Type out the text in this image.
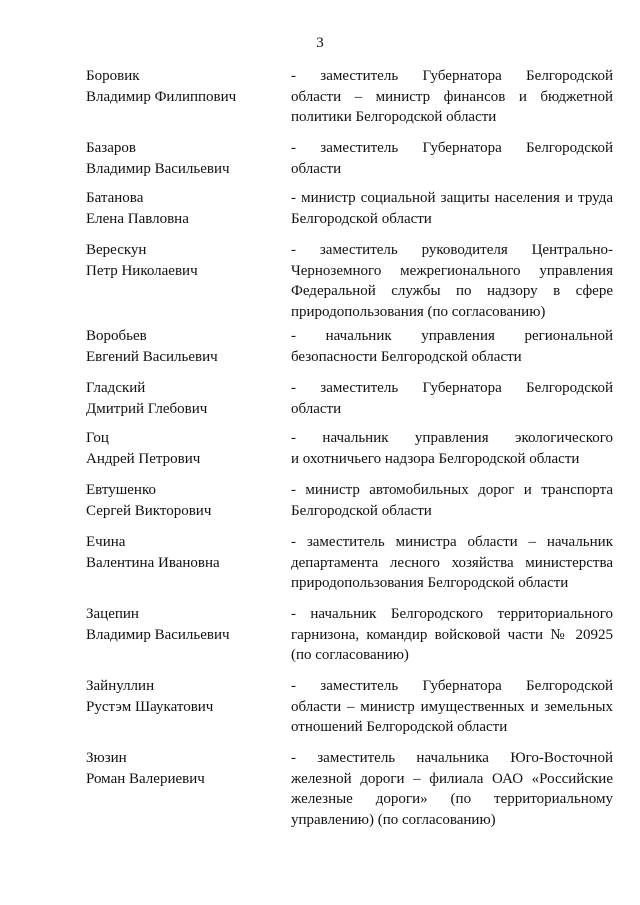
3
Боровик
Владимир Филиппович
- заместитель Губернатора Белгородской
области – министр финансов и бюджетной
политики Белгородской области
Базаров
Владимир Васильевич
- заместитель Губернатора Белгородской
области
Батанова
Елена Павловна
- министр социальной защиты населения и труда
Белгородской области
Верескун
Петр Николаевич
- заместитель руководителя Центрально-
Черноземного межрегионального управления
Федеральной службы по надзору в сфере
природопользования (по согласованию)
Воробьев
Евгений Васильевич
- начальник управления региональной
безопасности Белгородской области
Гладский
Дмитрий Глебович
- заместитель Губернатора Белгородской
области
Гоц
Андрей Петрович
- начальник управления экологического
и охотничьего надзора Белгородской области
Евтушенко
Сергей Викторович
- министр автомобильных дорог и транспорта
Белгородской области
Ечина
Валентина Ивановна
- заместитель министра области – начальник
департамента лесного хозяйства министерства
природопользования Белгородской области
Зацепин
Владимир Васильевич
- начальник Белгородского территориального
гарнизона, командир войсковой части № 20925
(по согласованию)
Зайнуллин
Рустэм Шаукатович
- заместитель Губернатора Белгородской
области – министр имущественных и земельных
отношений Белгородской области
Зюзин
Роман Валериевич
- заместитель начальника Юго-Восточной
железной дороги – филиала ОАО «Российские
железные дороги» (по территориальному
управлению) (по согласованию)
